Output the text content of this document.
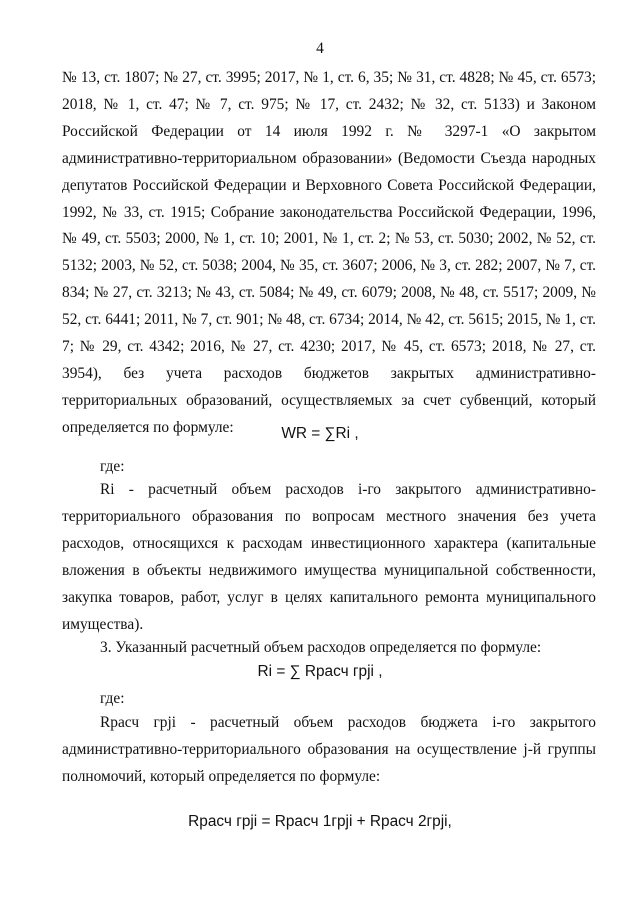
4

№ 13, ст. 1807; № 27, ст. 3995; 2017, № 1, ст. 6, 35; № 31, ст. 4828; № 45, ст. 6573; 2018, № 1, ст. 47; № 7, ст. 975; № 17, ст. 2432; № 32, ст. 5133) и Законом Российской Федерации от 14 июля 1992 г. № 3297-1 «О закрытом административно-территориальном образовании» (Ведомости Съезда народных депутатов Российской Федерации и Верховного Совета Российской Федерации, 1992, № 33, ст. 1915; Собрание законодательства Российской Федерации, 1996, № 49, ст. 5503; 2000, № 1, ст. 10; 2001, № 1, ст. 2; № 53, ст. 5030; 2002, № 52, ст. 5132; 2003, № 52, ст. 5038; 2004, № 35, ст. 3607; 2006, № 3, ст. 282; 2007, № 7, ст. 834; № 27, ст. 3213; № 43, ст. 5084; № 49, ст. 6079; 2008, № 48, ст. 5517; 2009, № 52, ст. 6441; 2011, № 7, ст. 901; № 48, ст. 6734; 2014, № 42, ст. 5615; 2015, № 1, ст. 7; № 29, ст. 4342; 2016, № 27, ст. 4230; 2017, № 45, ст. 6573; 2018, № 27, ст. 3954), без учета расходов бюджетов закрытых административно-территориальных образований, осуществляемых за счет субвенций, который определяется по формуле:	WR = ∑Ri ,
где:

Ri - расчетный объем расходов i-го закрытого административно-территориального образования по вопросам местного значения без учета расходов, относящихся к расходам инвестиционного характера (капитальные вложения в объекты недвижимого имущества муниципальной собственности, закупка товаров, работ, услуг в целях капитального ремонта муниципального имущества).

3. Указанный расчетный объем расходов определяется по формуле:

Ri = ∑ Rрасч грji ,
где:

Rрасч грji - расчетный объем расходов бюджета i-го закрытого административно-территориального образования на осуществление j-й группы полномочий, который определяется по формуле:

Rрасч грji = Rрасч 1грji + Rрасч 2грji,
